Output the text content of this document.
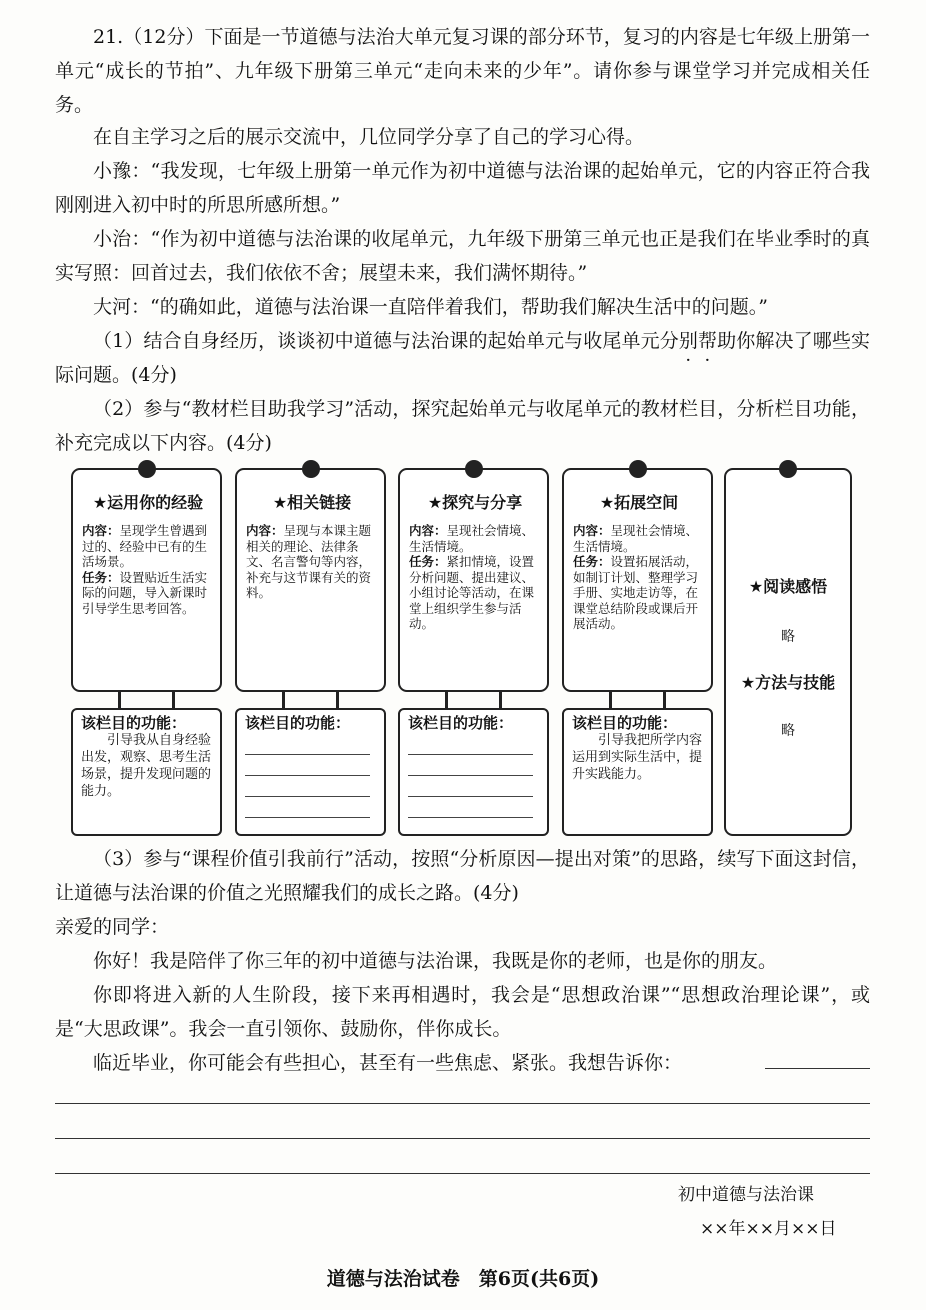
21.（12分）下面是一节道德与法治大单元复习课的部分环节，复习的内容是七年级上册第一单元“成长的节拍”、九年级下册第三单元“走向未来的少年”。请你参与课堂学习并完成相关任务。
在自主学习之后的展示交流中，几位同学分享了自己的学习心得。
小豫：“我发现，七年级上册第一单元作为初中道德与法治课的起始单元，它的内容正符合我刚刚进入初中时的所思所感所想。”
小治：“作为初中道德与法治课的收尾单元，九年级下册第三单元也正是我们在毕业季时的真实写照：回首过去，我们依依不舍；展望未来，我们满怀期待。”
大河：“的确如此，道德与法治课一直陪伴着我们，帮助我们解决生活中的问题。”
（1）结合自身经历，谈谈初中道德与法治课的起始单元与收尾单元分别帮助你解决了哪些实际问题。(4分)
（2）参与“教材栏目助我学习”活动，探究起始单元与收尾单元的教材栏目，分析栏目功能，补充完成以下内容。(4分)
★运用你的经验
内容：呈现学生曾遇到过的、经验中已有的生活场景。
任务：设置贴近生活实际的问题，导入新课时引导学生思考回答。
★相关链接
内容：呈现与本课主题相关的理论、法律条文、名言警句等内容，补充与这节课有关的资料。
★探究与分享
内容：呈现社会情境、生活情境。
任务：紧扣情境，设置分析问题、提出建议、小组讨论等活动，在课堂上组织学生参与活动。
★拓展空间
内容：呈现社会情境、生活情境。
任务：设置拓展活动，如制订计划、整理学习手册、实地走访等，在课堂总结阶段或课后开展活动。
该栏目的功能：
引导我从自身经验出发，观察、思考生活场景，提升发现问题的能力。
该栏目的功能：	该栏目的功能：	该栏目的功能：
引导我把所学内容运用到实际生活中，提升实践能力。
★阅读感悟
略
★方法与技能
略
（3）参与“课程价值引我前行”活动，按照“分析原因—提出对策”的思路，续写下面这封信，让道德与法治课的价值之光照耀我们的成长之路。(4分)
亲爱的同学：
你好！我是陪伴了你三年的初中道德与法治课，我既是你的老师，也是你的朋友。
你即将进入新的人生阶段，接下来再相遇时，我会是“思想政治课”“思想政治理论课”，或是“大思政课”。我会一直引领你、鼓励你，伴你成长。
临近毕业，你可能会有些担心，甚至有一些焦虑、紧张。我想告诉你：
初中道德与法治课
××年××月××日
道德与法治试卷　第6页(共6页)
